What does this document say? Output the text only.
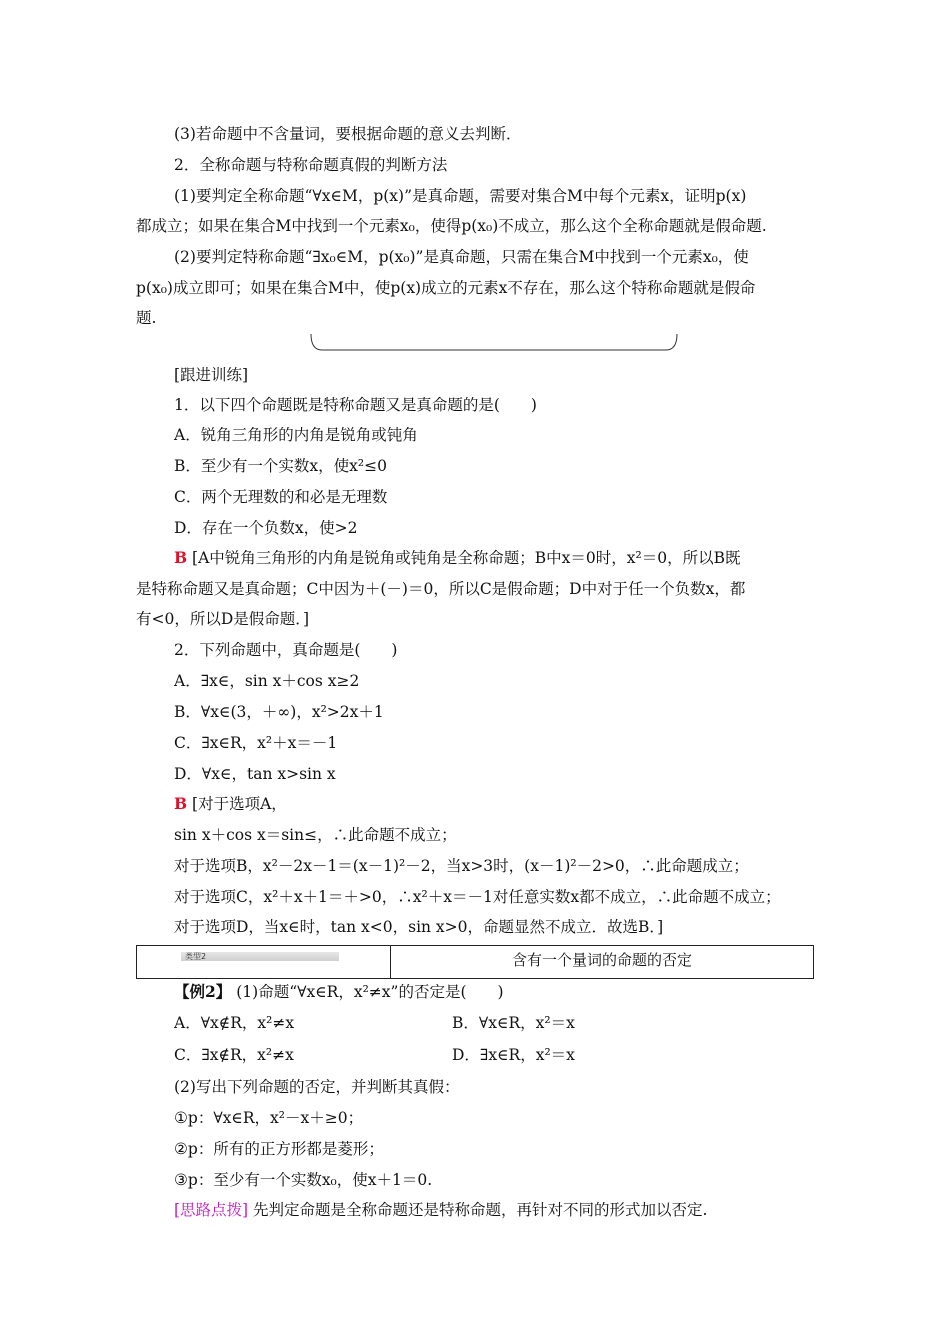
(3)若命题中不含量词，要根据命题的意义去判断．
2．全称命题与特称命题真假的判断方法
(1)要判定全称命题“∀x∈M，p(x)”是真命题，需要对集合M中每个元素x，证明p(x)
都成立；如果在集合M中找到一个元素x₀，使得p(x₀)不成立，那么这个全称命题就是假命题.
(2)要判定特称命题“∃x₀∈M，p(x₀)”是真命题，只需在集合M中找到一个元素x₀，使
p(x₀)成立即可；如果在集合M中，使p(x)成立的元素x不存在，那么这个特称命题就是假命
题.
[跟进训练]
1．以下四个命题既是特称命题又是真命题的是(　　)
A．锐角三角形的内角是锐角或钝角
B．至少有一个实数x，使x²≤0
C．两个无理数的和必是无理数
D．存在一个负数x，使>2
B [A中锐角三角形的内角是锐角或钝角是全称命题；B中x＝0时，x²＝0，所以B既
是特称命题又是真命题；C中因为＋(－)＝0，所以C是假命题；D中对于任一个负数x，都
有<0，所以D是假命题．]
2．下列命题中，真命题是(　　)
A．∃x∈，sin x＋cos x≥2
B．∀x∈(3，＋∞)，x²>2x＋1
C．∃x∈R，x²＋x＝－1
D．∀x∈，tan x>sin x
B [对于选项A，
sin x＋cos x＝sin≤，∴此命题不成立；
对于选项B，x²－2x－1＝(x－1)²－2，当x>3时，(x－1)²－2>0，∴此命题成立；
对于选项C，x²＋x＋1＝＋>0，∴x²＋x＝－1对任意实数x都不成立，∴此命题不成立；
对于选项D，当x∈时，tan x<0，sin x>0，命题显然不成立．故选B．]
类型2	含有一个量词的命题的否定
【例2】 (1)命题“∀x∈R，x²≠x”的否定是(　　)
A．∀x∉R，x²≠x	B．∀x∈R，x²＝x
C．∃x∉R，x²≠x	D．∃x∈R，x²＝x
(2)写出下列命题的否定，并判断其真假：
①p：∀x∈R，x²－x＋≥0；
②p：所有的正方形都是菱形；
③p：至少有一个实数x₀，使x＋1＝0.
[思路点拨] 先判定命题是全称命题还是特称命题，再针对不同的形式加以否定.
